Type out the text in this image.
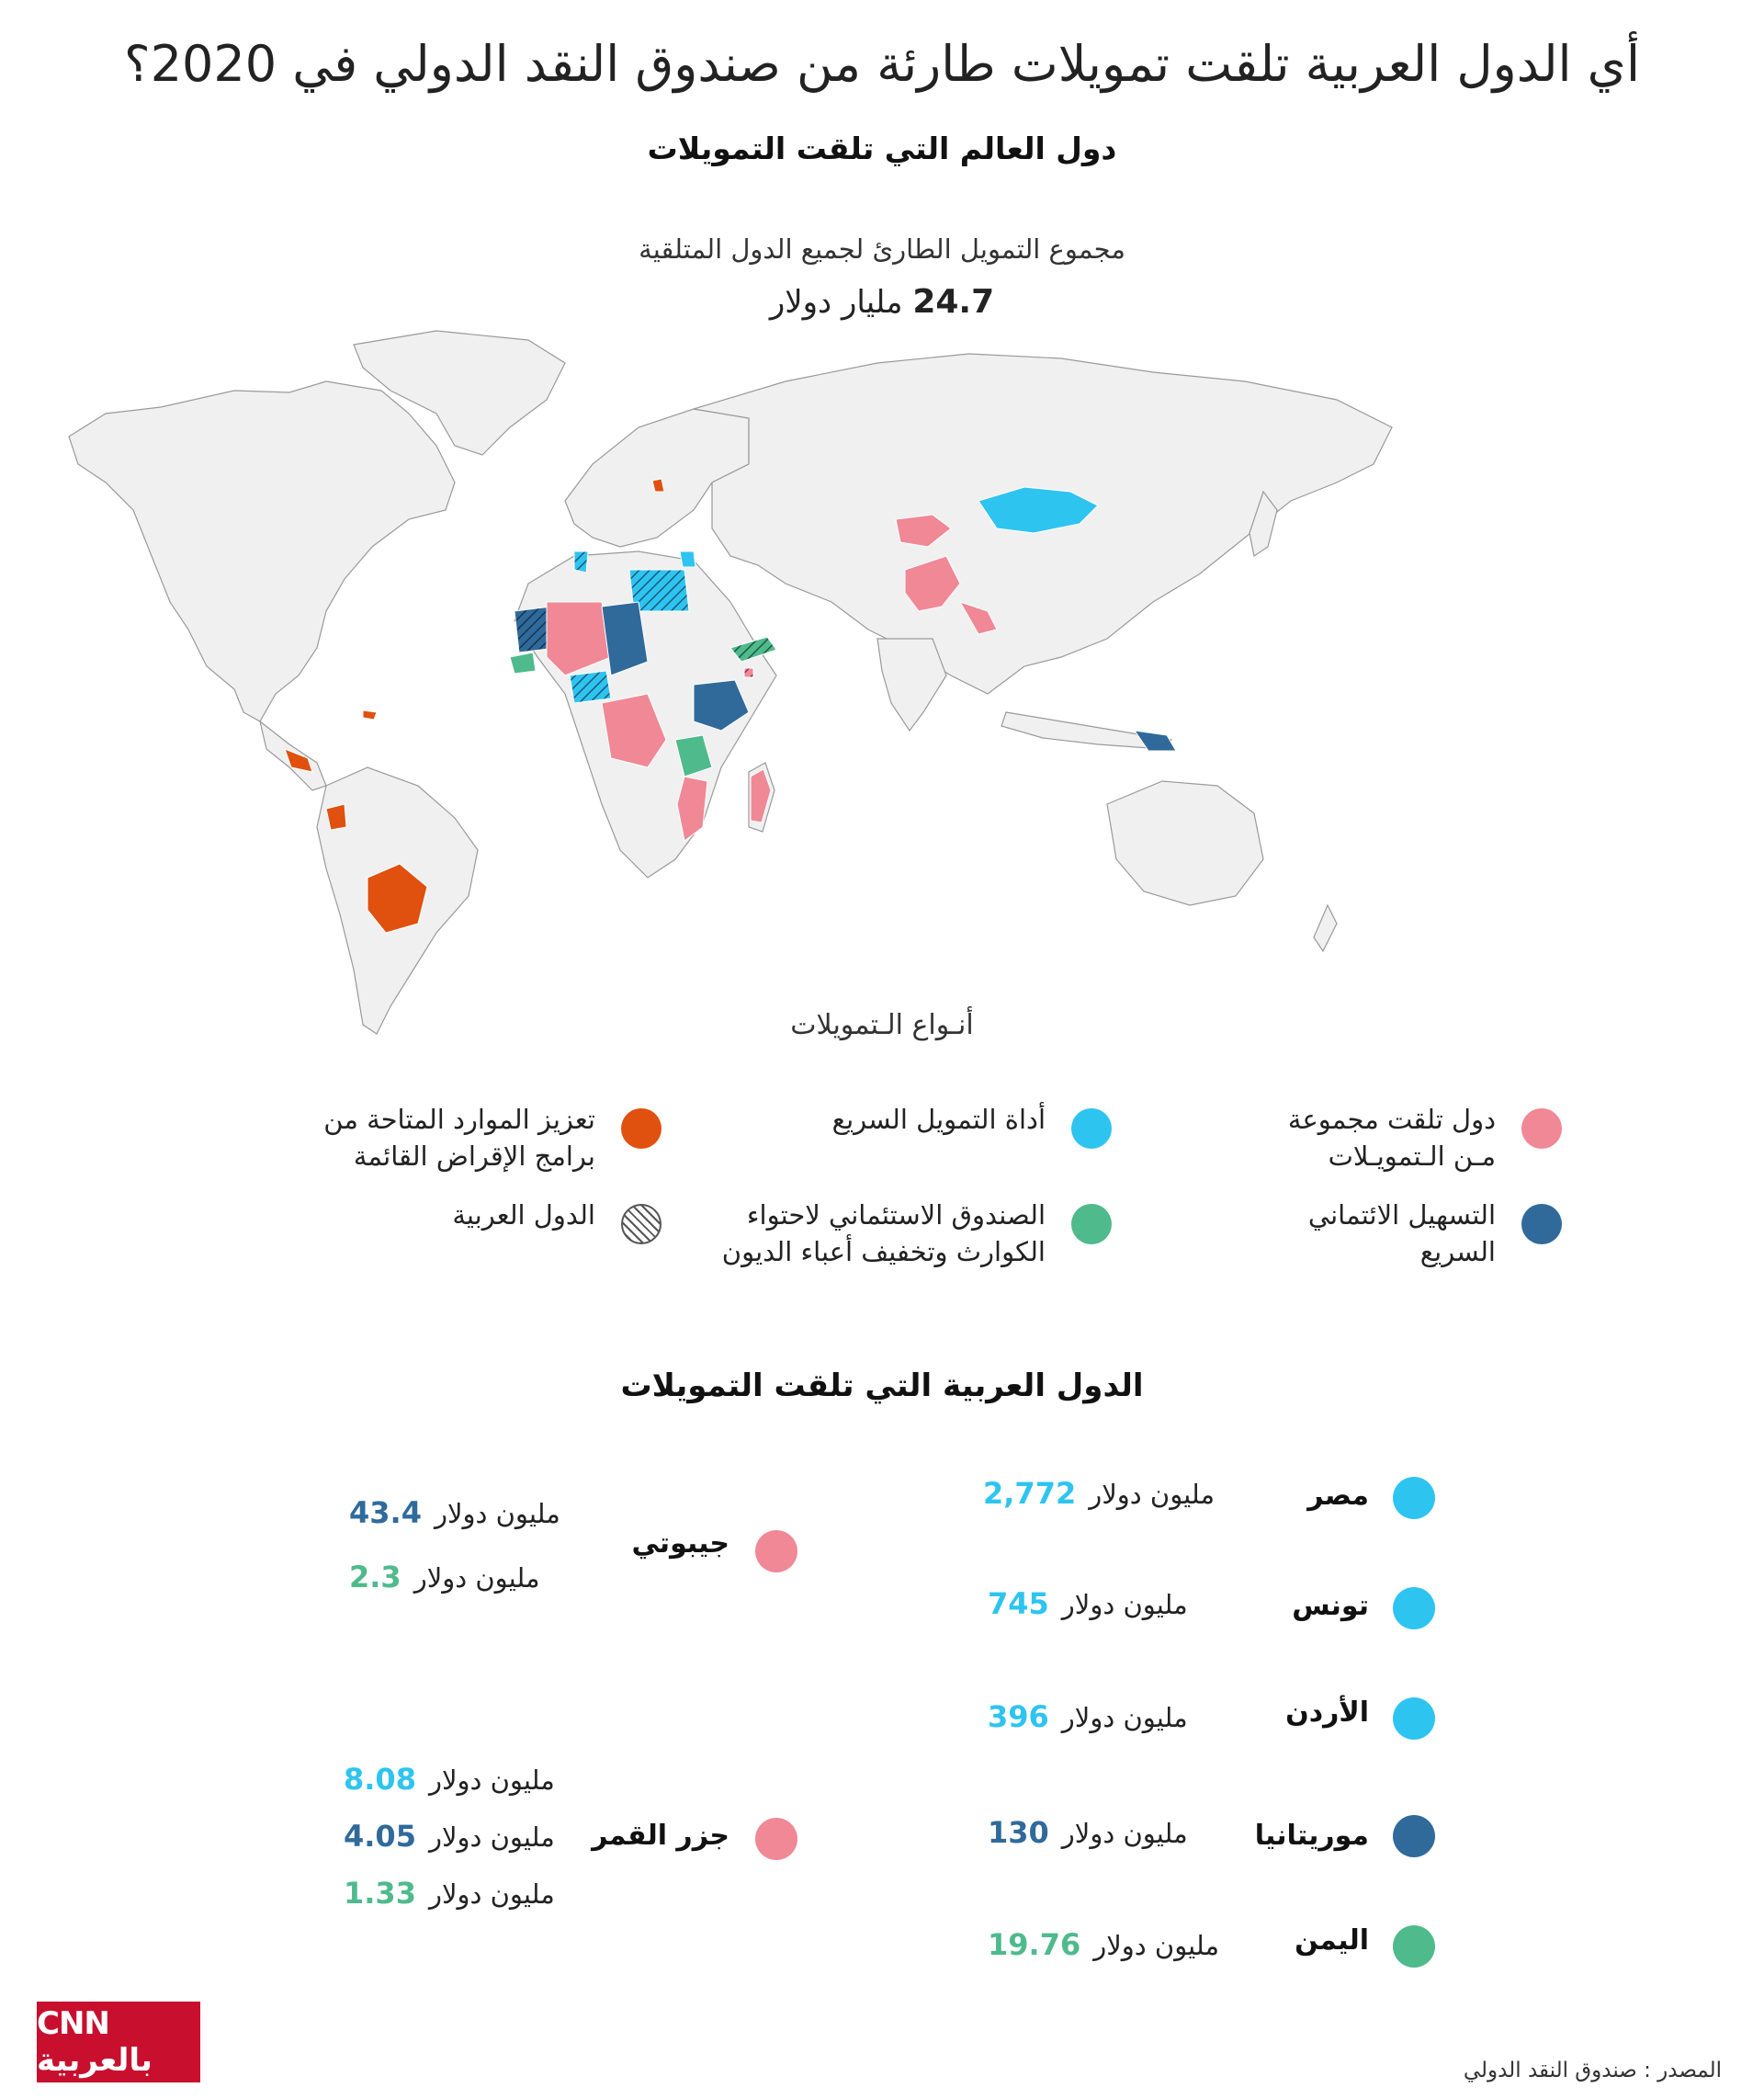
أي الدول العربية تلقت تمويلات طارئة من صندوق النقد الدولي في 2020؟
دول العالم التي تلقت التمويلات
مجموع التمويل الطارئ لجميع الدول المتلقية
24.7 مليار دولار
أنـواع الـتمويلات
دول تلقت مجموعة
مـن الـتمويـلات
أداة التمويل السريع
تعزيز الموارد المتاحة من
برامج الإقراض القائمة
التسهيل الائتماني
السريع
الصندوق الاستئماني لاحتواء
الكوارث وتخفيف أعباء الديون
الدول العربية
الدول العربية التي تلقت التمويلات
مصر
مليون دولار2,772
تونس
مليون دولار745
الأردن
مليون دولار396
موريتانيا
مليون دولار130
اليمن
مليون دولار19.76
جيبوتي
مليون دولار43.4
مليون دولار2.3
جزر القمر
مليون دولار8.08
مليون دولار4.05
مليون دولار1.33
CNN بالعربية	المصدر : صندوق النقد الدولي
